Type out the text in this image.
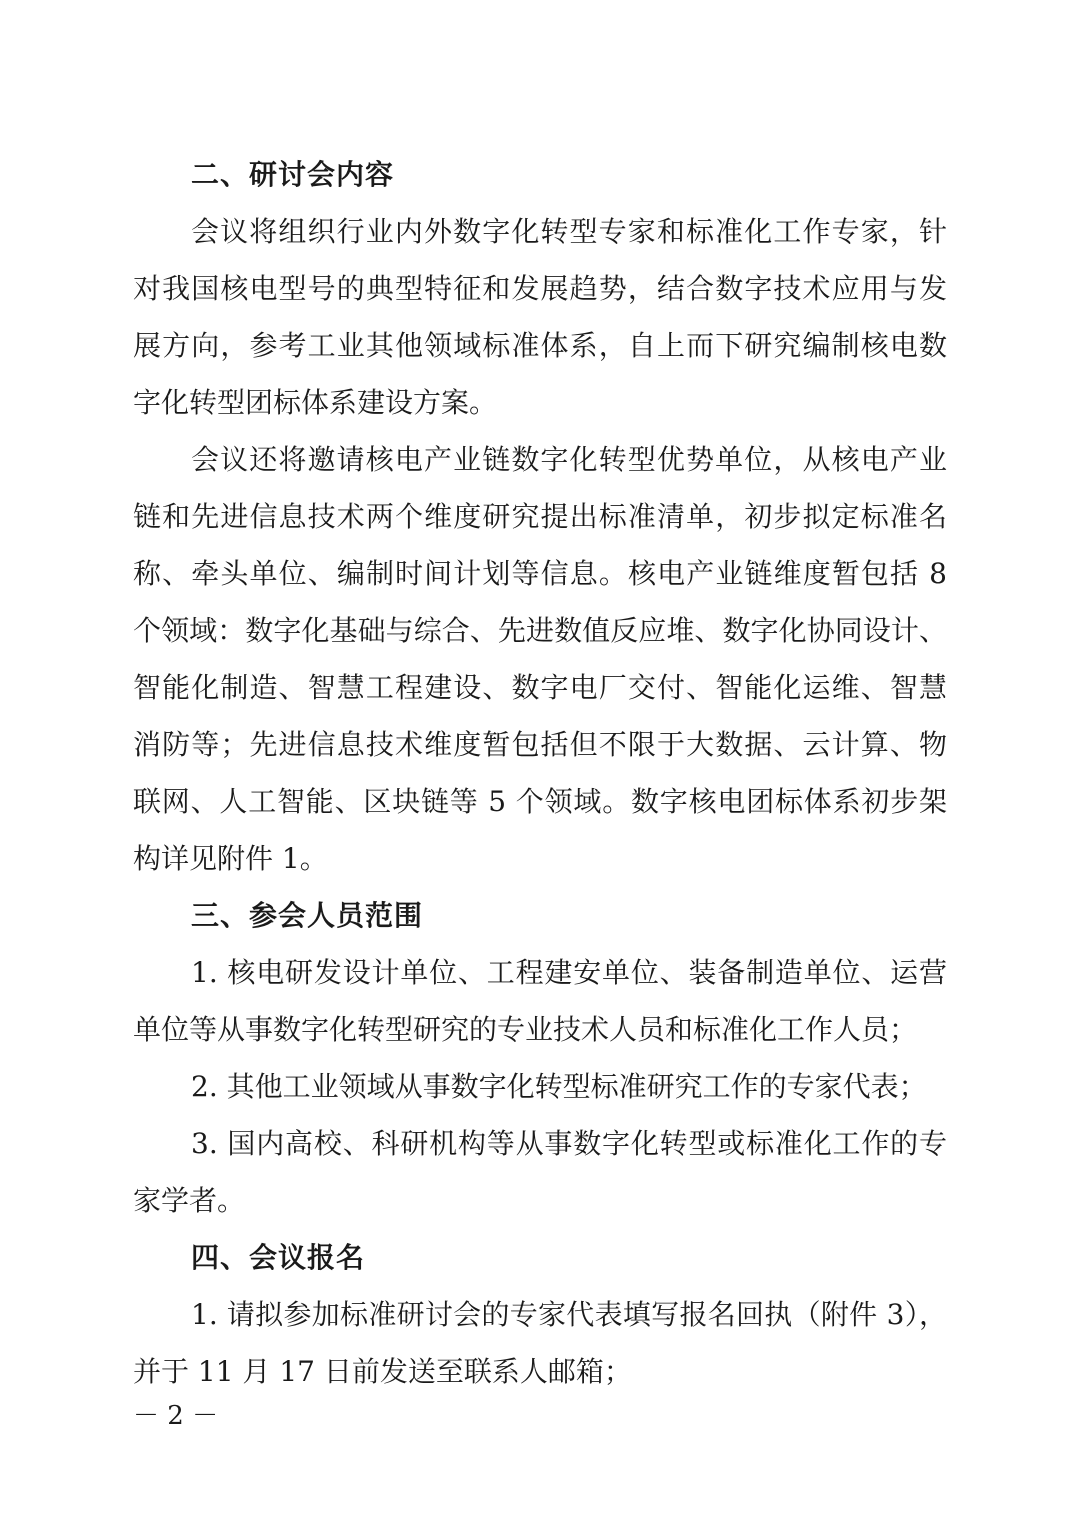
二、研讨会内容
会议将组织行业内外数字化转型专家和标准化工作专家，针
对我国核电型号的典型特征和发展趋势，结合数字技术应用与发
展方向，参考工业其他领域标准体系，自上而下研究编制核电数
字化转型团标体系建设方案。
会议还将邀请核电产业链数字化转型优势单位，从核电产业
链和先进信息技术两个维度研究提出标准清单，初步拟定标准名
称、牵头单位、编制时间计划等信息。核电产业链维度暂包括 8
个领域：数字化基础与综合、先进数值反应堆、数字化协同设计、
智能化制造、智慧工程建设、数字电厂交付、智能化运维、智慧
消防等；先进信息技术维度暂包括但不限于大数据、云计算、物
联网、人工智能、区块链等 5 个领域。数字核电团标体系初步架
构详见附件 1。
三、参会人员范围
1. 核电研发设计单位、工程建安单位、装备制造单位、运营
单位等从事数字化转型研究的专业技术人员和标准化工作人员；
2. 其他工业领域从事数字化转型标准研究工作的专家代表；
3. 国内高校、科研机构等从事数字化转型或标准化工作的专
家学者。
四、会议报名
1. 请拟参加标准研讨会的专家代表填写报名回执（附件 3），
并于 11 月 17 日前发送至联系人邮箱；
－ 2 －
